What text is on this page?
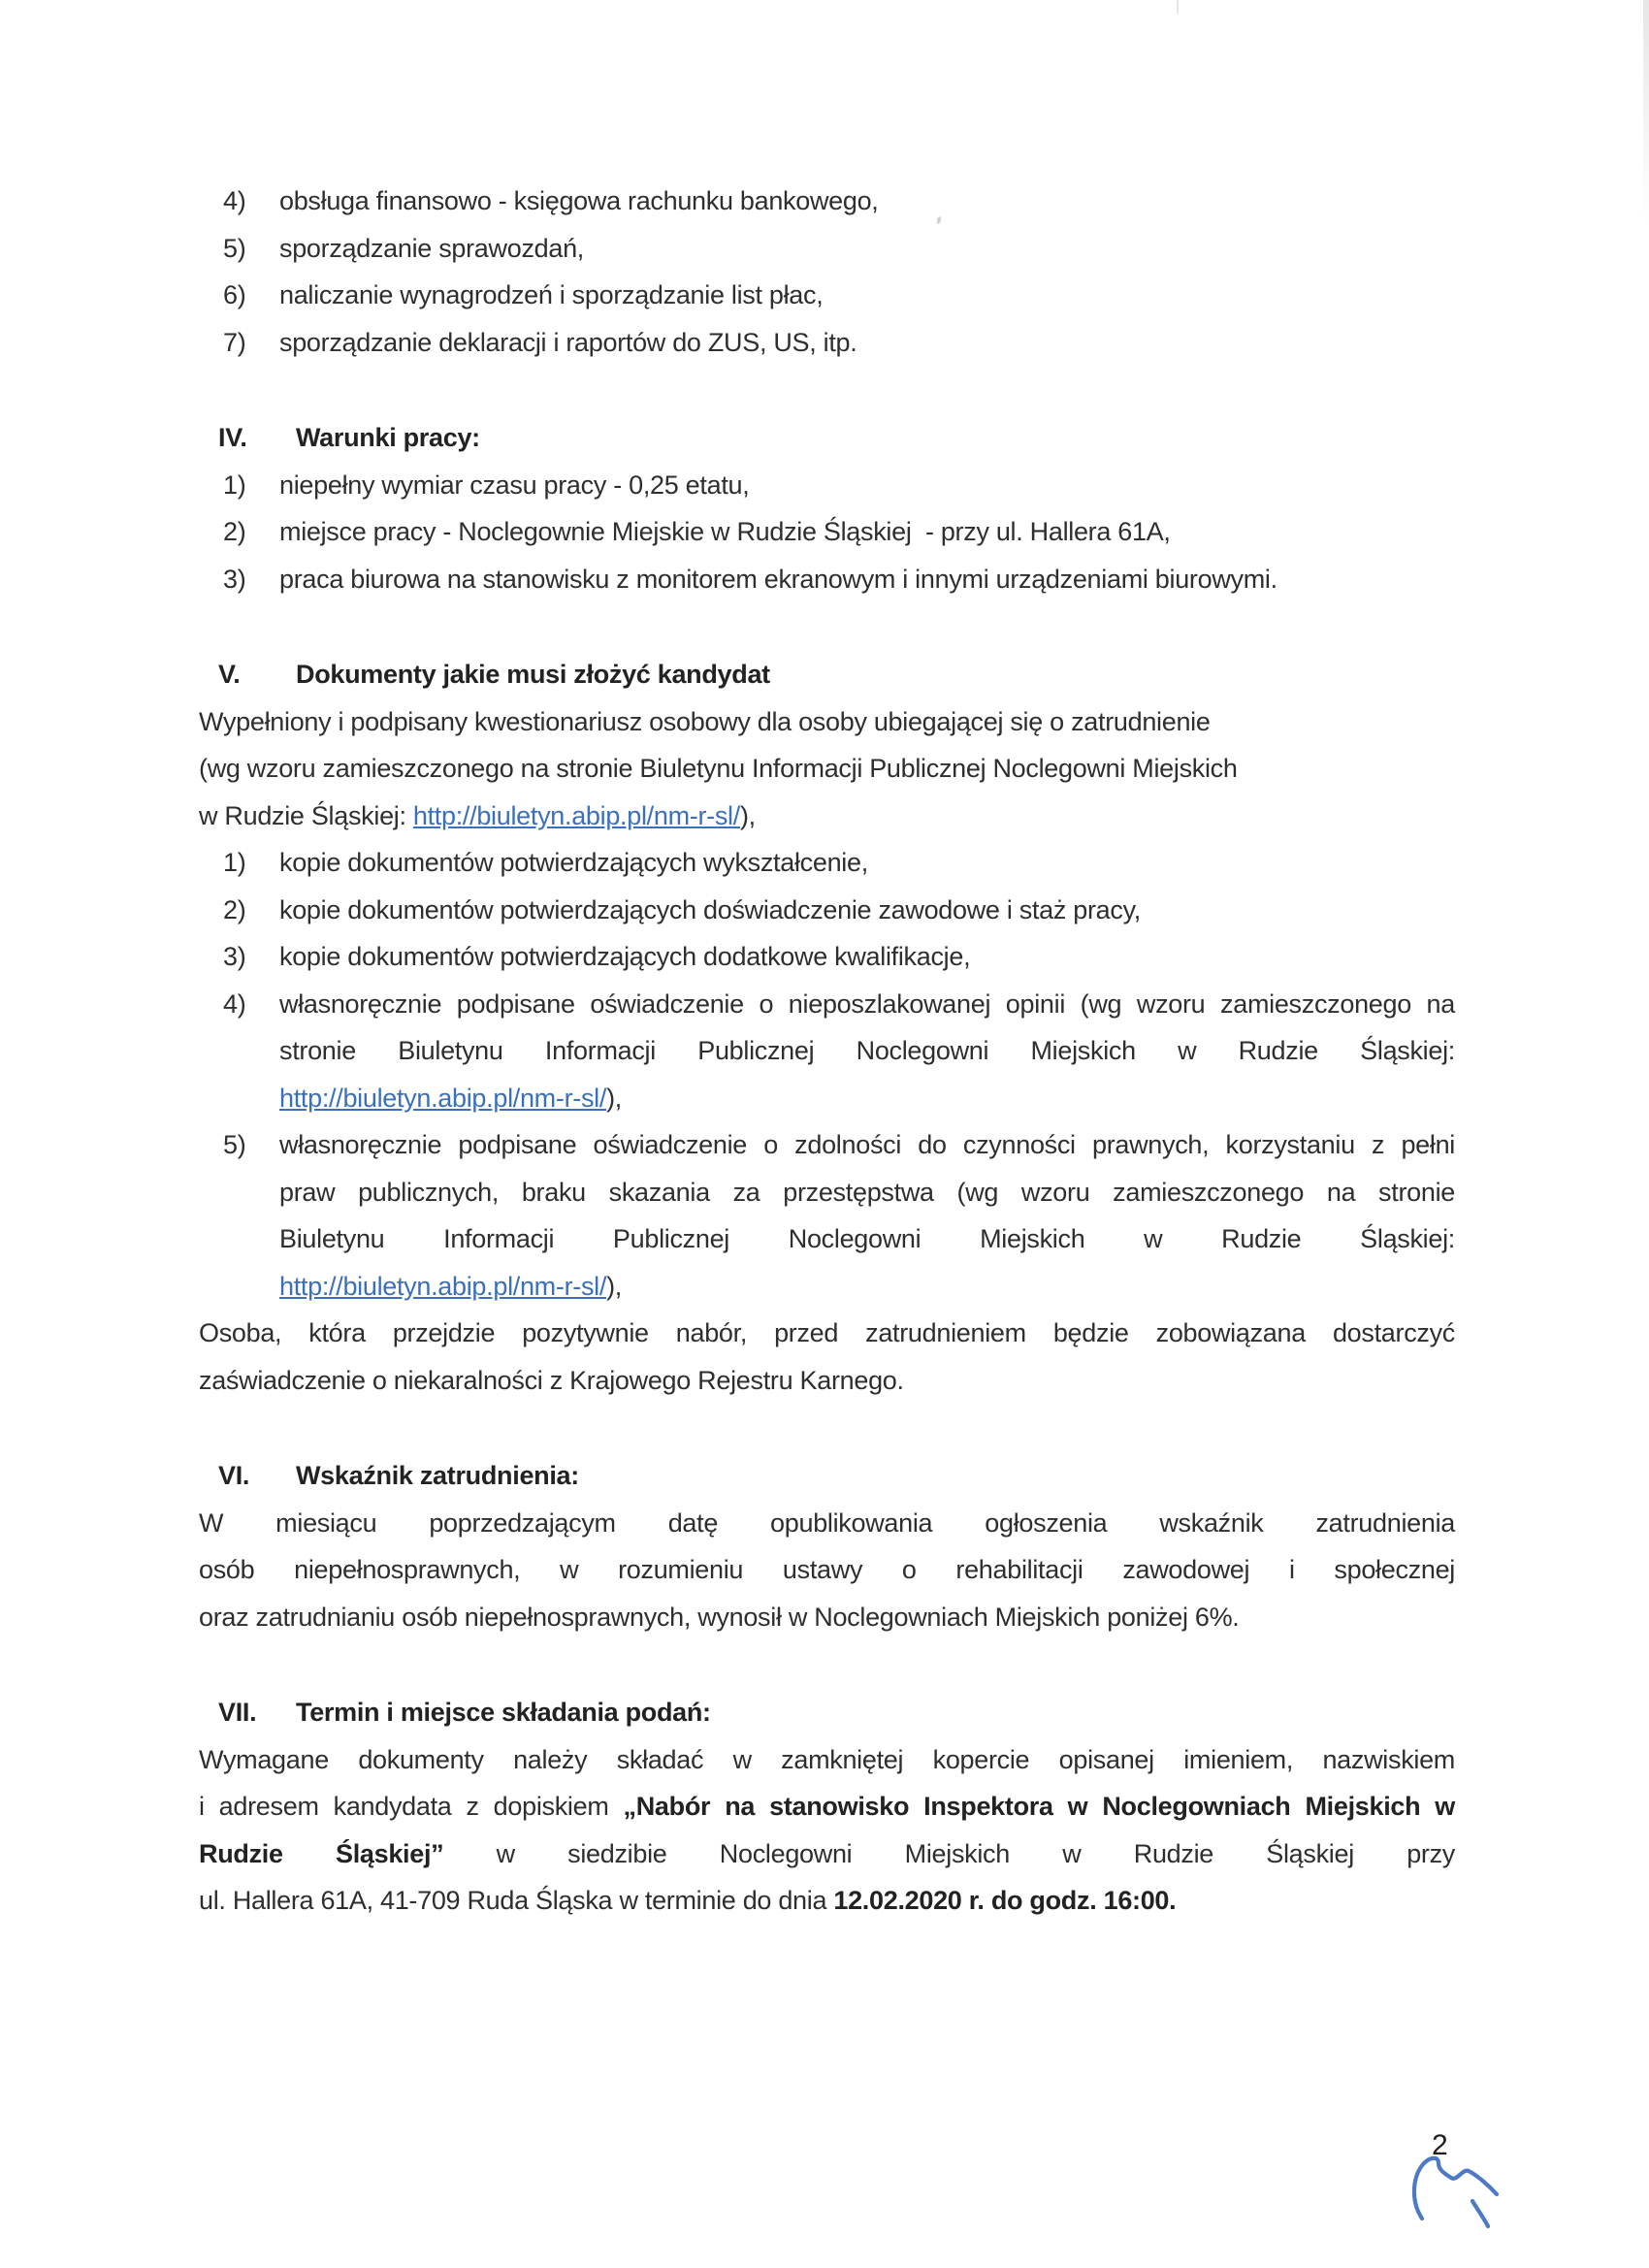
4) obsługa finansowo - księgowa rachunku bankowego,
5) sporządzanie sprawozdań,
6) naliczanie wynagrodzeń i sporządzanie list płac,
7) sporządzanie deklaracji i raportów do ZUS, US, itp.
IV. Warunki pracy:
1) niepełny wymiar czasu pracy - 0,25 etatu,
2) miejsce pracy - Noclegownie Miejskie w Rudzie Śląskiej  - przy ul. Hallera 61A,
3) praca biurowa na stanowisku z monitorem ekranowym i innymi urządzeniami biurowymi.
V. Dokumenty jakie musi złożyć kandydat
Wypełniony i podpisany kwestionariusz osobowy dla osoby ubiegającej się o zatrudnienie
(wg wzoru zamieszczonego na stronie Biuletynu Informacji Publicznej Noclegowni Miejskich
w Rudzie Śląskiej: http://biuletyn.abip.pl/nm-r-sl/),
1) kopie dokumentów potwierdzających wykształcenie,
2) kopie dokumentów potwierdzających doświadczenie zawodowe i staż pracy,
3) kopie dokumentów potwierdzających dodatkowe kwalifikacje,
4) własnoręcznie podpisane oświadczenie o nieposzlakowanej opinii (wg wzoru zamieszczonego na
stronie Biuletynu Informacji Publicznej Noclegowni Miejskich w Rudzie Śląskiej:
http://biuletyn.abip.pl/nm-r-sl/),
5) własnoręcznie podpisane oświadczenie o zdolności do czynności prawnych, korzystaniu z pełni
praw publicznych, braku skazania za przestępstwa (wg wzoru zamieszczonego na stronie
Biuletynu Informacji Publicznej Noclegowni Miejskich w Rudzie Śląskiej:
http://biuletyn.abip.pl/nm-r-sl/),
Osoba, która przejdzie pozytywnie nabór, przed zatrudnieniem będzie zobowiązana dostarczyć
zaświadczenie o niekaralności z Krajowego Rejestru Karnego.
VI. Wskaźnik zatrudnienia:
W miesiącu poprzedzającym datę opublikowania ogłoszenia wskaźnik zatrudnienia
osób niepełnosprawnych, w rozumieniu ustawy o rehabilitacji zawodowej i społecznej
oraz zatrudnianiu osób niepełnosprawnych, wynosił w Noclegowniach Miejskich poniżej 6%.
VII. Termin i miejsce składania podań:
Wymagane dokumenty należy składać w zamkniętej kopercie opisanej imieniem, nazwiskiem
i adresem kandydata z dopiskiem „Nabór na stanowisko Inspektora w Noclegowniach Miejskich w
Rudzie Śląskiej” w siedzibie Noclegowni Miejskich w Rudzie Śląskiej przy
ul. Hallera 61A, 41-709 Ruda Śląska w terminie do dnia 12.02.2020 r. do godz. 16:00.
2
